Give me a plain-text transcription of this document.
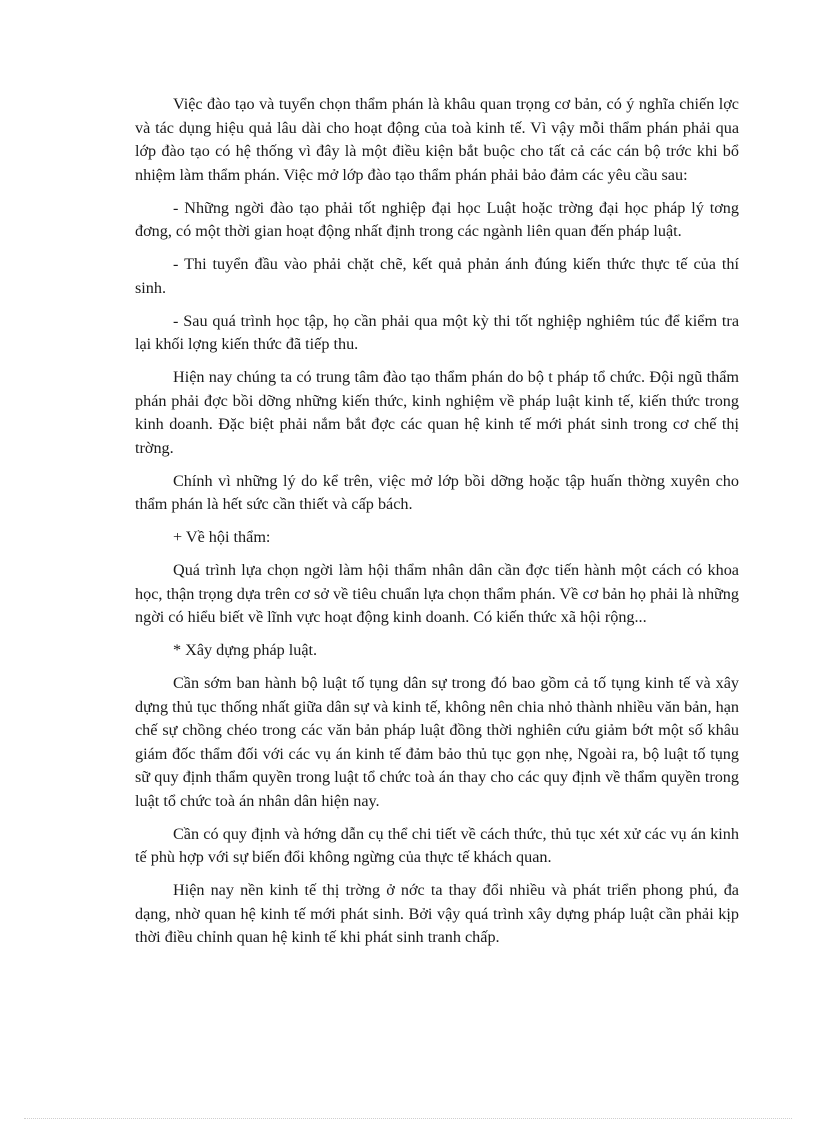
Việc đào tạo và tuyển chọn thẩm phán là khâu quan trọng cơ bản, có ý nghĩa chiến lợc và tác dụng hiệu quả lâu dài cho hoạt động của toà kinh tế. Vì vậy mỗi thẩm phán phải qua lớp đào tạo có hệ thống vì đây là một điều kiện bắt buộc cho tất cả các cán bộ trớc khi bổ nhiệm làm thẩm phán. Việc mở lớp đào tạo thẩm phán phải bảo đảm các yêu cầu sau:

- Những ngời đào tạo phải tốt nghiệp đại học Luật hoặc trờng đại học pháp lý tơng đơng, có một thời gian hoạt động nhất định trong các ngành liên quan đến pháp luật.

- Thi tuyển đầu vào phải chặt chẽ, kết quả phản ánh đúng kiến thức thực tế của thí sinh.

- Sau quá trình học tập, họ cần phải qua một kỳ thi tốt nghiệp nghiêm túc để kiểm tra lại khối lợng kiến thức đã tiếp thu.

Hiện nay chúng ta có trung tâm đào tạo thẩm phán do bộ t pháp tổ chức. Đội ngũ thẩm phán phải đợc bồi dỡng những kiến thức, kinh nghiệm về pháp luật kinh tế, kiến thức trong kinh doanh. Đặc biệt phải nắm bắt đợc các quan hệ kinh tế mới phát sinh trong cơ chế thị trờng.

Chính vì những lý do kể trên, việc mở lớp bồi dỡng hoặc tập huấn thờng xuyên cho thẩm phán là hết sức cần thiết và cấp bách.

+ Về hội thẩm:

Quá trình lựa chọn ngời làm hội thẩm nhân dân cần đợc tiến hành một cách có khoa học, thận trọng dựa trên cơ sở về tiêu chuẩn lựa chọn thẩm phán. Về cơ bản họ phải là những ngời có hiểu biết về lĩnh vực hoạt động kinh doanh. Có kiến thức xã hội rộng...

* Xây dựng pháp luật.

Cần sớm ban hành bộ luật tố tụng dân sự trong đó bao gồm cả tố tụng kinh tế và xây dựng thủ tục thống nhất giữa dân sự và kinh tế, không nên chia nhỏ thành nhiều văn bản, hạn chế sự chồng chéo trong các văn bản pháp luật đồng thời nghiên cứu giảm bớt một số khâu giám đốc thẩm đối với các vụ án kinh tế đảm bảo thủ tục gọn nhẹ, Ngoài ra, bộ luật tố tụng sữ quy định thẩm quyền trong luật tổ chức toà án thay cho các quy định về thẩm quyền trong luật tổ chức toà án nhân dân hiện nay.

Cần có quy định và hớng dẫn cụ thể chi tiết về cách thức, thủ tục xét xử các vụ án kinh tế phù hợp với sự biến đổi không ngừng của thực tế khách quan.

Hiện nay nền kinh tế thị trờng ở nớc ta thay đổi nhiều và phát triển phong phú, đa dạng, nhờ quan hệ kinh tế mới phát sinh. Bởi vậy quá trình xây dựng pháp luật cần phải kịp thời điều chỉnh quan hệ kinh tế khi phát sinh tranh chấp.
